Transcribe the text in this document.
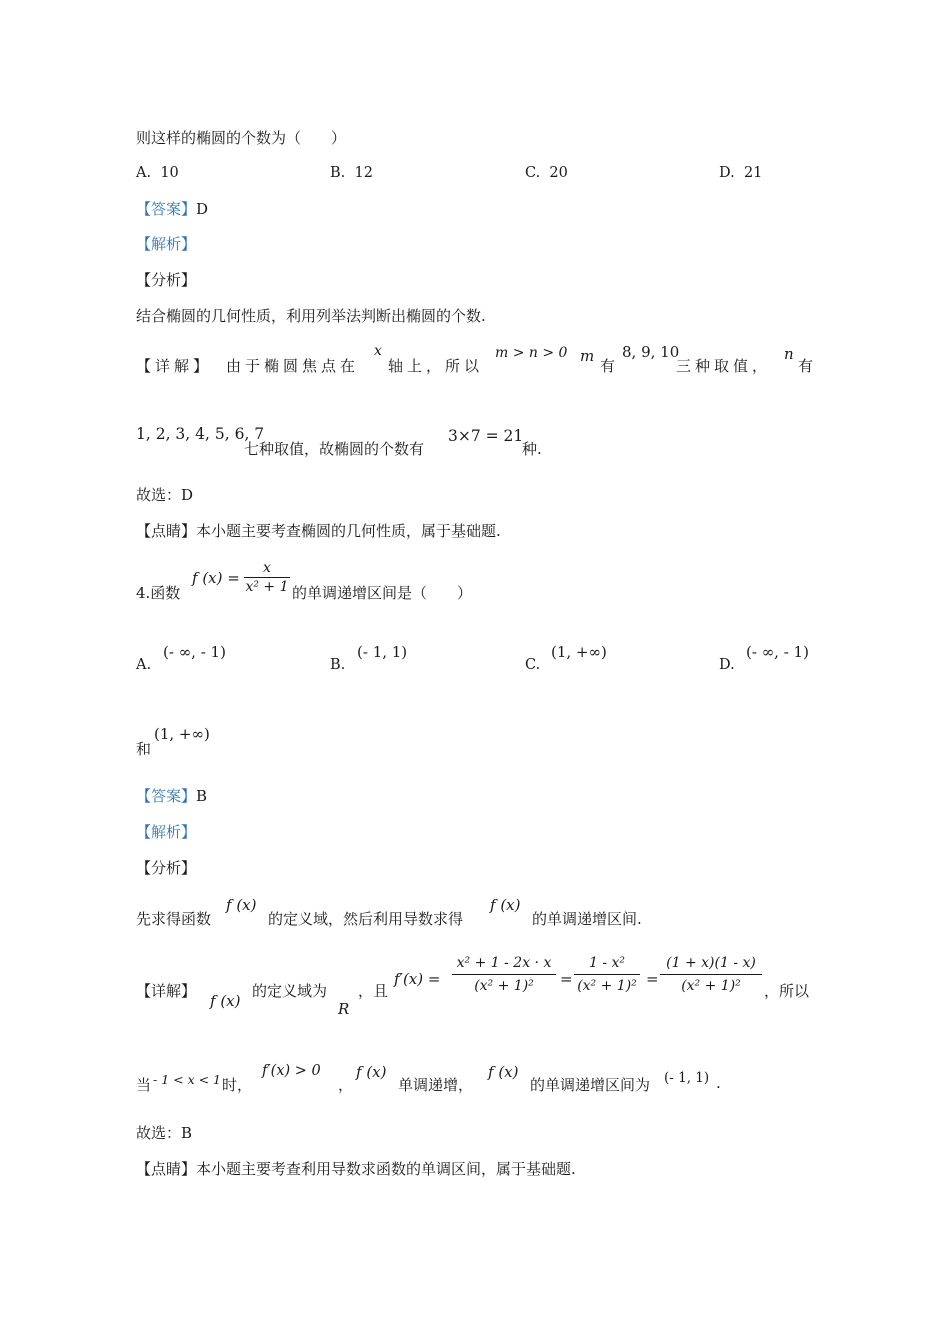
则这样的椭圆的个数为（　　）
A. 10	B. 12	C. 20	D. 21
【答案】D
【解析】
【分析】
结合椭圆的几何性质，利用列举法判断出椭圆的个数.
【详解】 由于椭圆焦点在
x
轴上，所以
m > n > 0 m
有
8, 9, 10
三种取值，
n
有
1, 2, 3, 4, 5, 6, 7
七种取值，故椭圆的个数有
3×7 = 21
种.
故选：D
【点睛】本小题主要考查椭圆的几何性质，属于基础题.
4.函数
f $(x) = \frac{x}{\text{x² + 1}}$ 的单调递增区间是（　　）
A.
(- ∞, - 1)
B.
(- 1, 1)
C.
(1, +∞)
D.
(- ∞, - 1)
和
(1, +∞)
【答案】B
【解析】
【分析】
先求得函数
f (x)
的定义域，然后利用导数求得
f (x)
的单调递增区间.
【详解】
f (x)
的定义域为
R
，且
$f'(x) = \frac{\text{x² + 1 - 2x · x}}{\text{(x² + 1)²}} = \frac{\text{1 - x²}}{\text{(x² + 1)²}} = \frac{(1 + x)(1 - x)}{\text{(x² + 1)²}}$ ，所以
当 - 1 < x < 1 时，
f′(x) > 0
，
f (x)
单调递增，
f (x)
的单调递增区间为 (- 1, 1) .
故选：B
【点睛】本小题主要考查利用导数求函数的单调区间，属于基础题.
